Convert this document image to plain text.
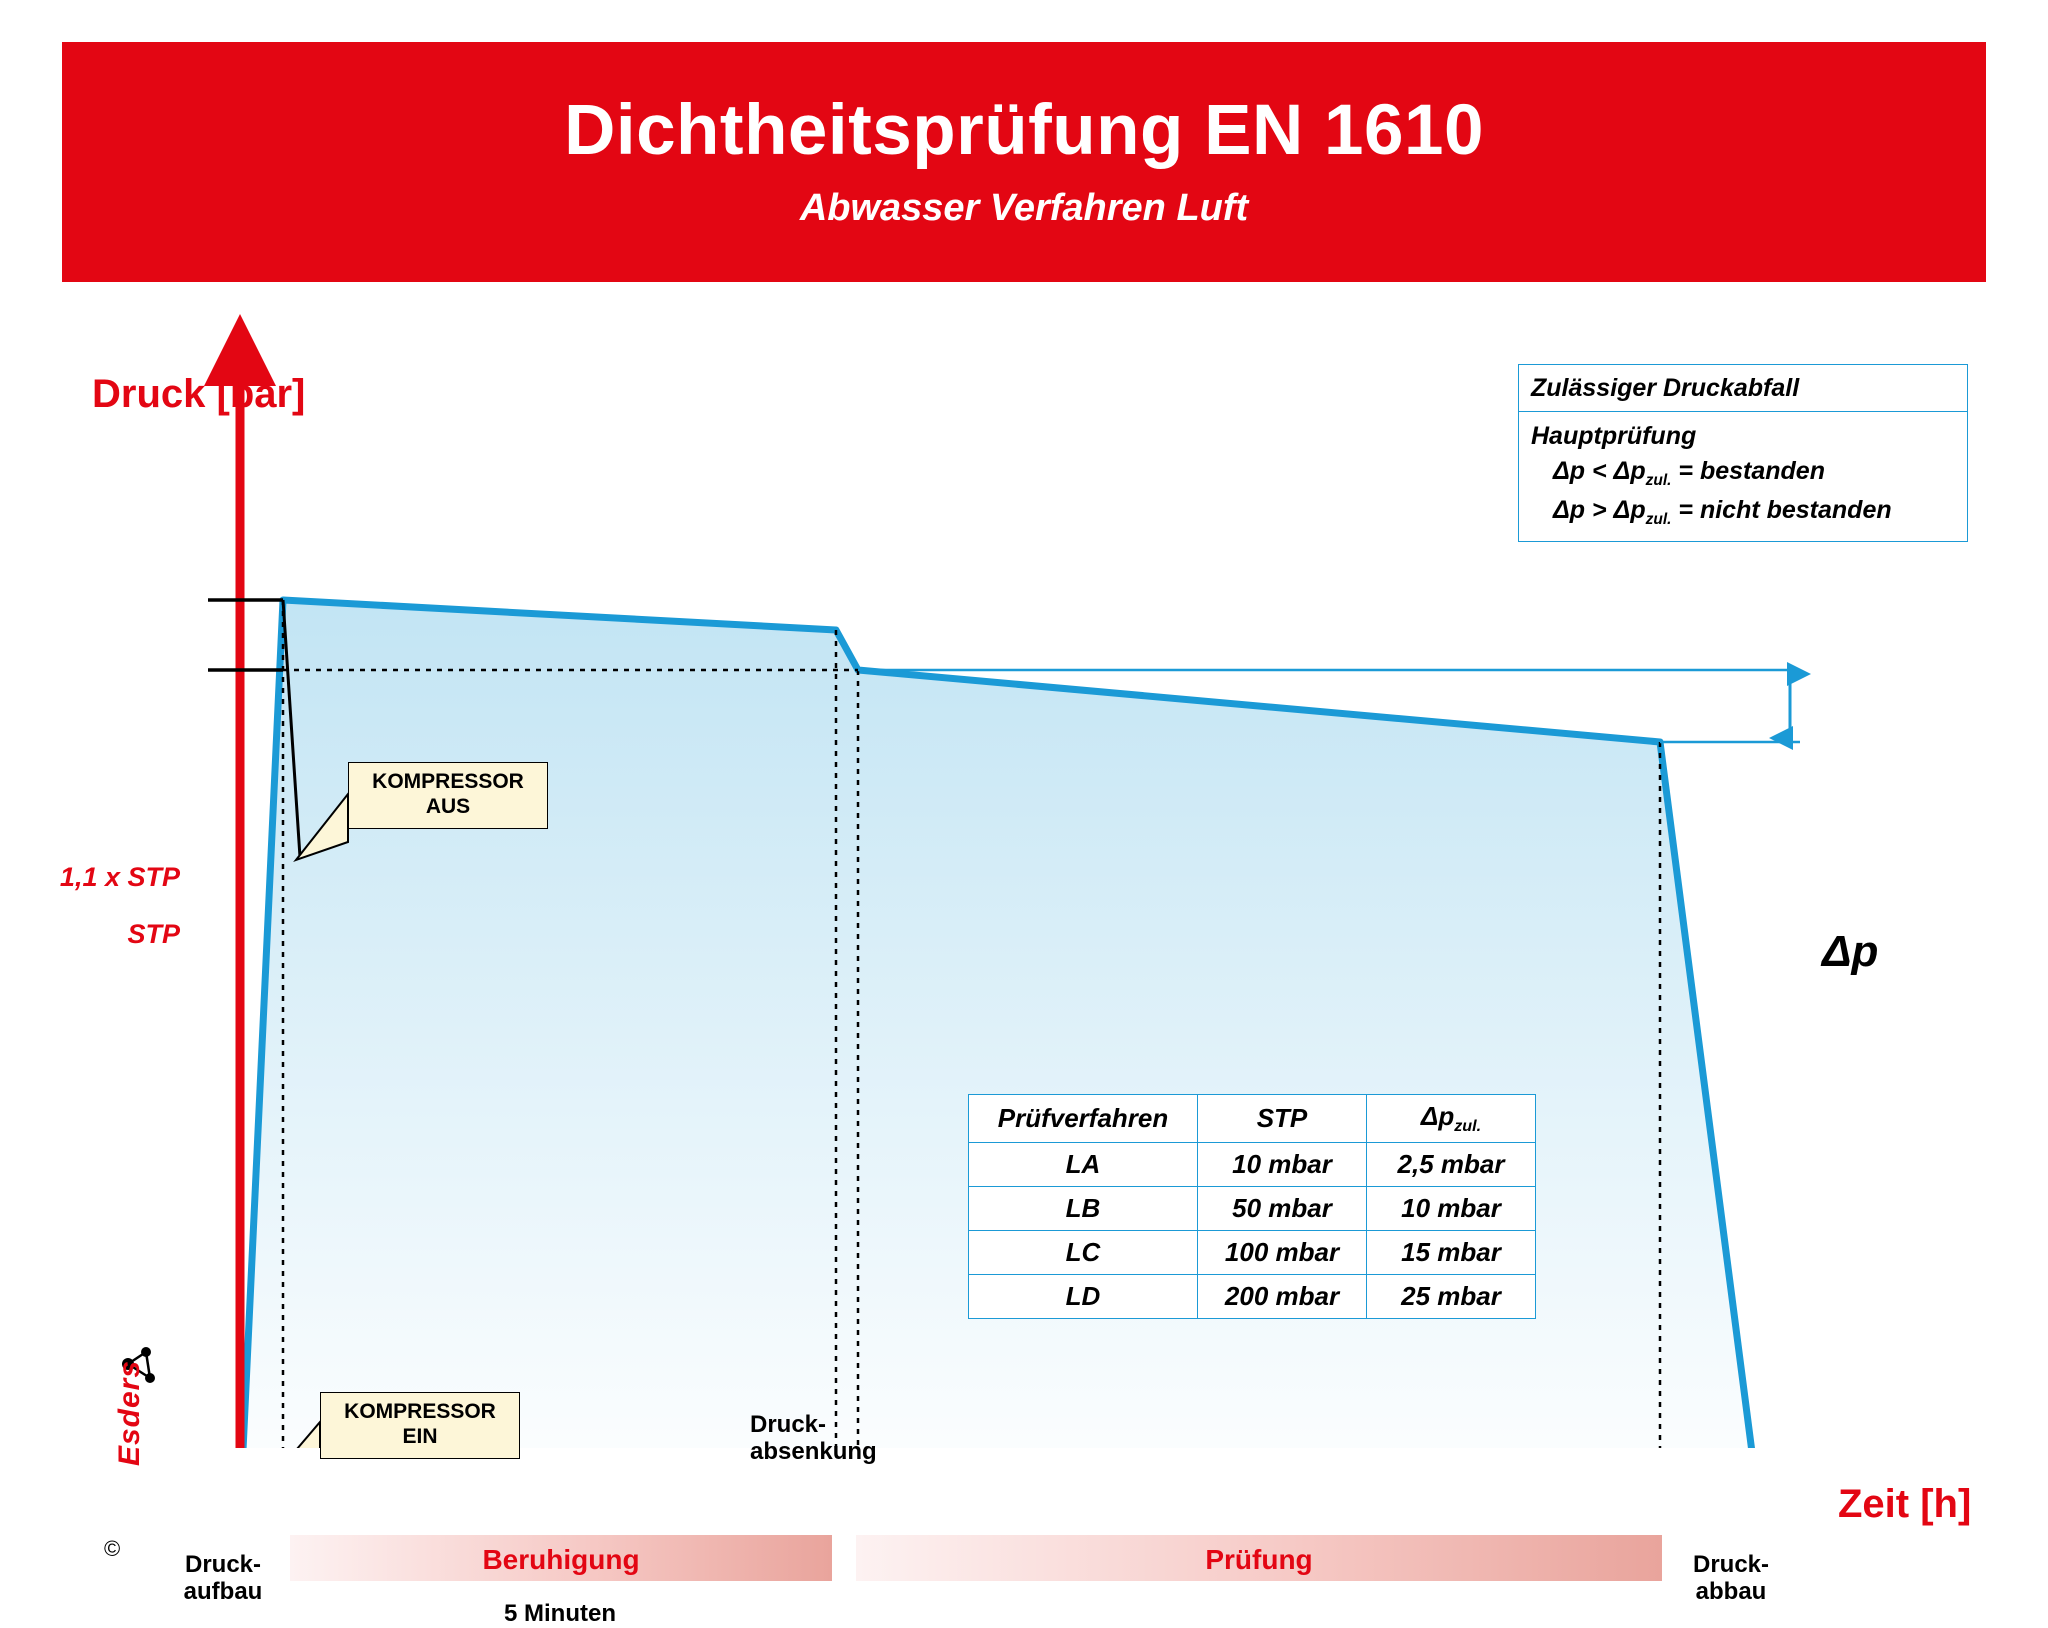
Dichtheitsprüfung EN 1610
Abwasser Verfahren Luft
Druck [bar]
Zeit [h]
1,1 x STP
STP	Δp
KOMPRESSOR
AUS
KOMPRESSOR
EIN
Zulässiger Druckabfall
Hauptprüfung
$\Delta p < \Delta p_{zul.}$ = bestanden
$\Delta p > \Delta p_{zul.}$ = nicht bestanden
Prüfverfahren	STP	$\Delta p_{zul.}$
LA	10 mbar	2,5 mbar
LB	50 mbar	10 mbar
LC	100 mbar	15 mbar
LD	200 mbar	25 mbar
Beruhigung	Prüfung
5 Minuten
Druck-
aufbau
Druck-
absenkung
Druck-
abbau
Esders
©
